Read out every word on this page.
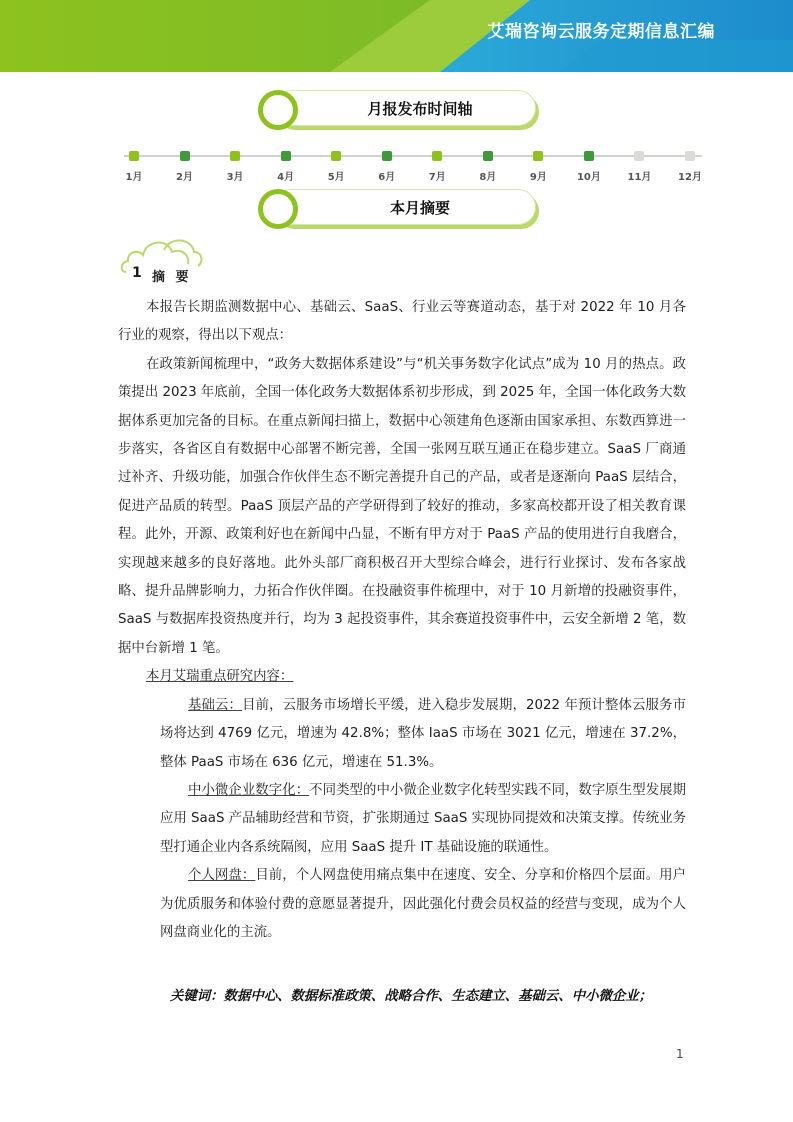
艾瑞咨询云服务定期信息汇编
月报发布时间轴
1月	2月	3月	4月	5月	6月	7月	8月	9月	10月	11月	12月
本月摘要
1 摘 要

本报告长期监测数据中心、基础云、SaaS、行业云等赛道动态，基于对 2022 年 10 月各行业的观察，得出以下观点：

在政策新闻梳理中，“政务大数据体系建设”与“机关事务数字化试点”成为 10 月的热点。政策提出 2023 年底前，全国一体化政务大数据体系初步形成，到 2025 年，全国一体化政务大数据体系更加完备的目标。在重点新闻扫描上，数据中心领建角色逐渐由国家承担、东数西算进一步落实，各省区自有数据中心部署不断完善，全国一张网互联互通正在稳步建立。SaaS 厂商通过补齐、升级功能，加强合作伙伴生态不断完善提升自己的产品，或者是逐渐向 PaaS 层结合，促进产品质的转型。PaaS 顶层产品的产学研得到了较好的推动，多家高校都开设了相关教育课程。此外，开源、政策利好也在新闻中凸显，不断有甲方对于 PaaS 产品的使用进行自我磨合，实现越来越多的良好落地。此外头部厂商积极召开大型综合峰会，进行行业探讨、发布各家战略、提升品牌影响力，力拓合作伙伴圈。在投融资事件梳理中，对于 10 月新增的投融资事件，SaaS 与数据库投资热度并行，均为 3 起投资事件，其余赛道投资事件中，云安全新增 2 笔，数据中台新增 1 笔。

本月艾瑞重点研究内容：

基础云：目前，云服务市场增长平缓，进入稳步发展期，2022 年预计整体云服务市场将达到 4769 亿元，增速为 42.8%；整体 IaaS 市场在 3021 亿元，增速在 37.2%，整体 PaaS 市场在 636 亿元，增速在 51.3%。

中小微企业数字化：不同类型的中小微企业数字化转型实践不同，数字原生型发展期应用 SaaS 产品辅助经营和节资，扩张期通过 SaaS 实现协同提效和决策支撑。传统业务型打通企业内各系统隔阂，应用 SaaS 提升 IT 基础设施的联通性。

个人网盘：目前，个人网盘使用痛点集中在速度、安全、分享和价格四个层面。用户为优质服务和体验付费的意愿显著提升，因此强化付费会员权益的经营与变现，成为个人网盘商业化的主流。

关键词：数据中心、数据标准政策、战略合作、生态建立、基础云、中小微企业；
1
